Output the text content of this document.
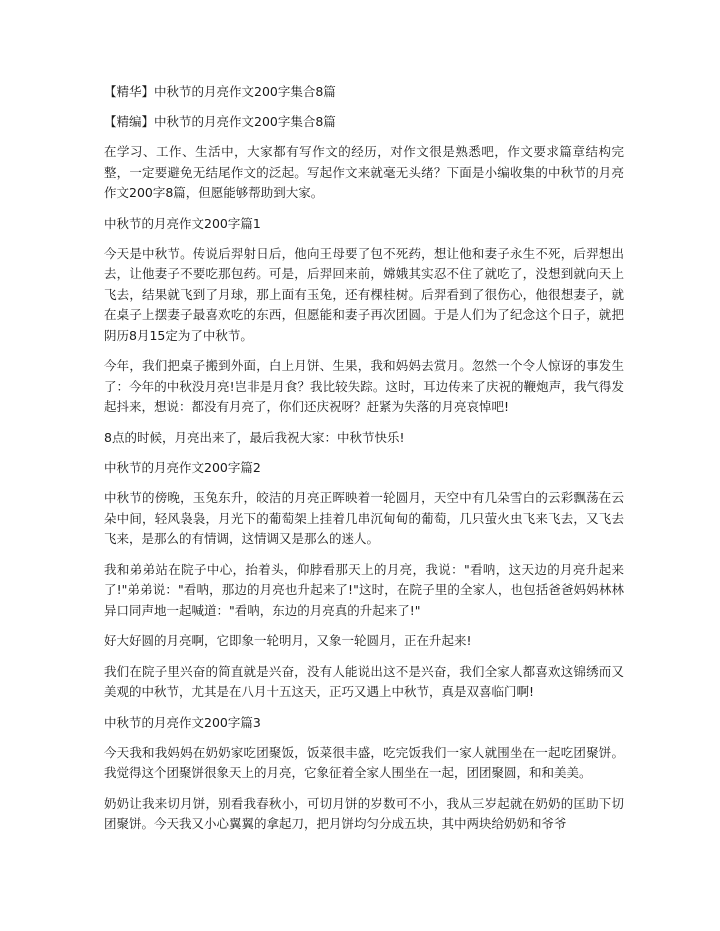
【精华】中秋节的月亮作文200字集合8篇
【精编】中秋节的月亮作文200字集合8篇
在学习、工作、生活中，大家都有写作文的经历，对作文很是熟悉吧，作文要求篇章结构完整，一定要避免无结尾作文的泛起。写起作文来就毫无头绪？下面是小编收集的中秋节的月亮作文200字8篇，但愿能够帮助到大家。
中秋节的月亮作文200字篇1
今天是中秋节。传说后羿射日后，他向王母要了包不死药，想让他和妻子永生不死，后羿想出去，让他妻子不要吃那包药。可是，后羿回来前，嫦娥其实忍不住了就吃了，没想到就向天上飞去，结果就飞到了月球，那上面有玉兔，还有棵桂树。后羿看到了很伤心，他很想妻子，就在桌子上摆妻子最喜欢吃的东西，但愿能和妻子再次团圆。于是人们为了纪念这个日子，就把阴历8月15定为了中秋节。
今年，我们把桌子搬到外面，白上月饼、生果，我和妈妈去赏月。忽然一个令人惊讶的事发生了：今年的中秋没月亮!岂非是月食？我比较失踪。这时，耳边传来了庆祝的鞭炮声，我气得发起抖来，想说：都没有月亮了，你们还庆祝呀？赶紧为失落的月亮哀悼吧!
8点的时候，月亮出来了，最后我祝大家：中秋节快乐!
中秋节的月亮作文200字篇2
中秋节的傍晚，玉兔东升，皎洁的月亮正晖映着一轮圆月，天空中有几朵雪白的云彩飘荡在云朵中间，轻风袅袅，月光下的葡萄架上挂着几串沉甸甸的葡萄，几只萤火虫飞来飞去，又飞去飞来，是那么的有情调，这情调又是那么的迷人。
我和弟弟站在院子中心，抬着头，仰脖看那天上的月亮，我说："看呐，这天边的月亮升起来了!"弟弟说："看呐，那边的月亮也升起来了!"这时，在院子里的全家人，也包括爸爸妈妈林林异口同声地一起喊道："看呐，东边的月亮真的升起来了!"
好大好圆的月亮啊，它即象一轮明月，又象一轮圆月，正在升起来!
我们在院子里兴奋的简直就是兴奋，没有人能说出这不是兴奋，我们全家人都喜欢这锦绣而又美观的中秋节，尤其是在八月十五这天，正巧又遇上中秋节，真是双喜临门啊!
中秋节的月亮作文200字篇3
今天我和我妈妈在奶奶家吃团聚饭，饭菜很丰盛，吃完饭我们一家人就围坐在一起吃团聚饼。我觉得这个团聚饼很象天上的月亮，它象征着全家人围坐在一起，团团聚圆，和和美美。
奶奶让我来切月饼，别看我春秋小，可切月饼的岁数可不小，我从三岁起就在奶奶的匡助下切团聚饼。今天我又小心翼翼的拿起刀，把月饼均匀分成五块，其中两块给奶奶和爷爷
